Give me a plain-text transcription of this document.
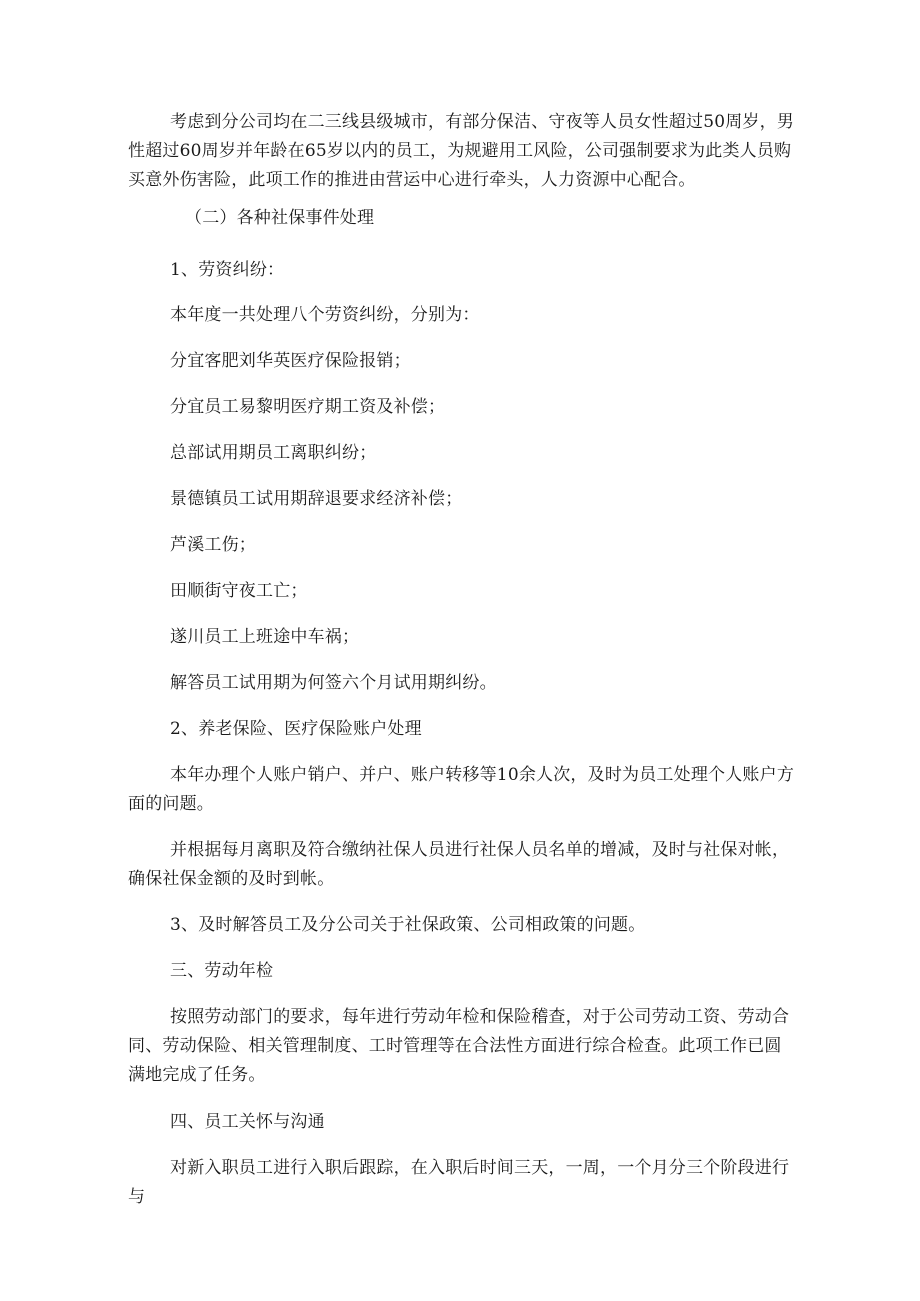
考虑到分公司均在二三线县级城市，有部分保洁、守夜等人员女性超过50周岁，男性超过60周岁并年龄在65岁以内的员工，为规避用工风险，公司强制要求为此类人员购买意外伤害险，此项工作的推进由营运中心进行牵头，人力资源中心配合。
（二）各种社保事件处理
1、劳资纠纷：
本年度一共处理八个劳资纠纷，分别为：
分宜客肥刘华英医疗保险报销；
分宜员工易黎明医疗期工资及补偿；
总部试用期员工离职纠纷；
景德镇员工试用期辞退要求经济补偿；
芦溪工伤；
田顺街守夜工亡；
遂川员工上班途中车祸；
解答员工试用期为何签六个月试用期纠纷。
2、养老保险、医疗保险账户处理
本年办理个人账户销户、并户、账户转移等10余人次，及时为员工处理个人账户方面的问题。
并根据每月离职及符合缴纳社保人员进行社保人员名单的增减，及时与社保对帐，确保社保金额的及时到帐。
3、及时解答员工及分公司关于社保政策、公司相政策的问题。
三、劳动年检
按照劳动部门的要求，每年进行劳动年检和保险稽查，对于公司劳动工资、劳动合同、劳动保险、相关管理制度、工时管理等在合法性方面进行综合检查。此项工作已圆满地完成了任务。
四、员工关怀与沟通
对新入职员工进行入职后跟踪，在入职后时间三天，一周，一个月分三个阶段进行与
